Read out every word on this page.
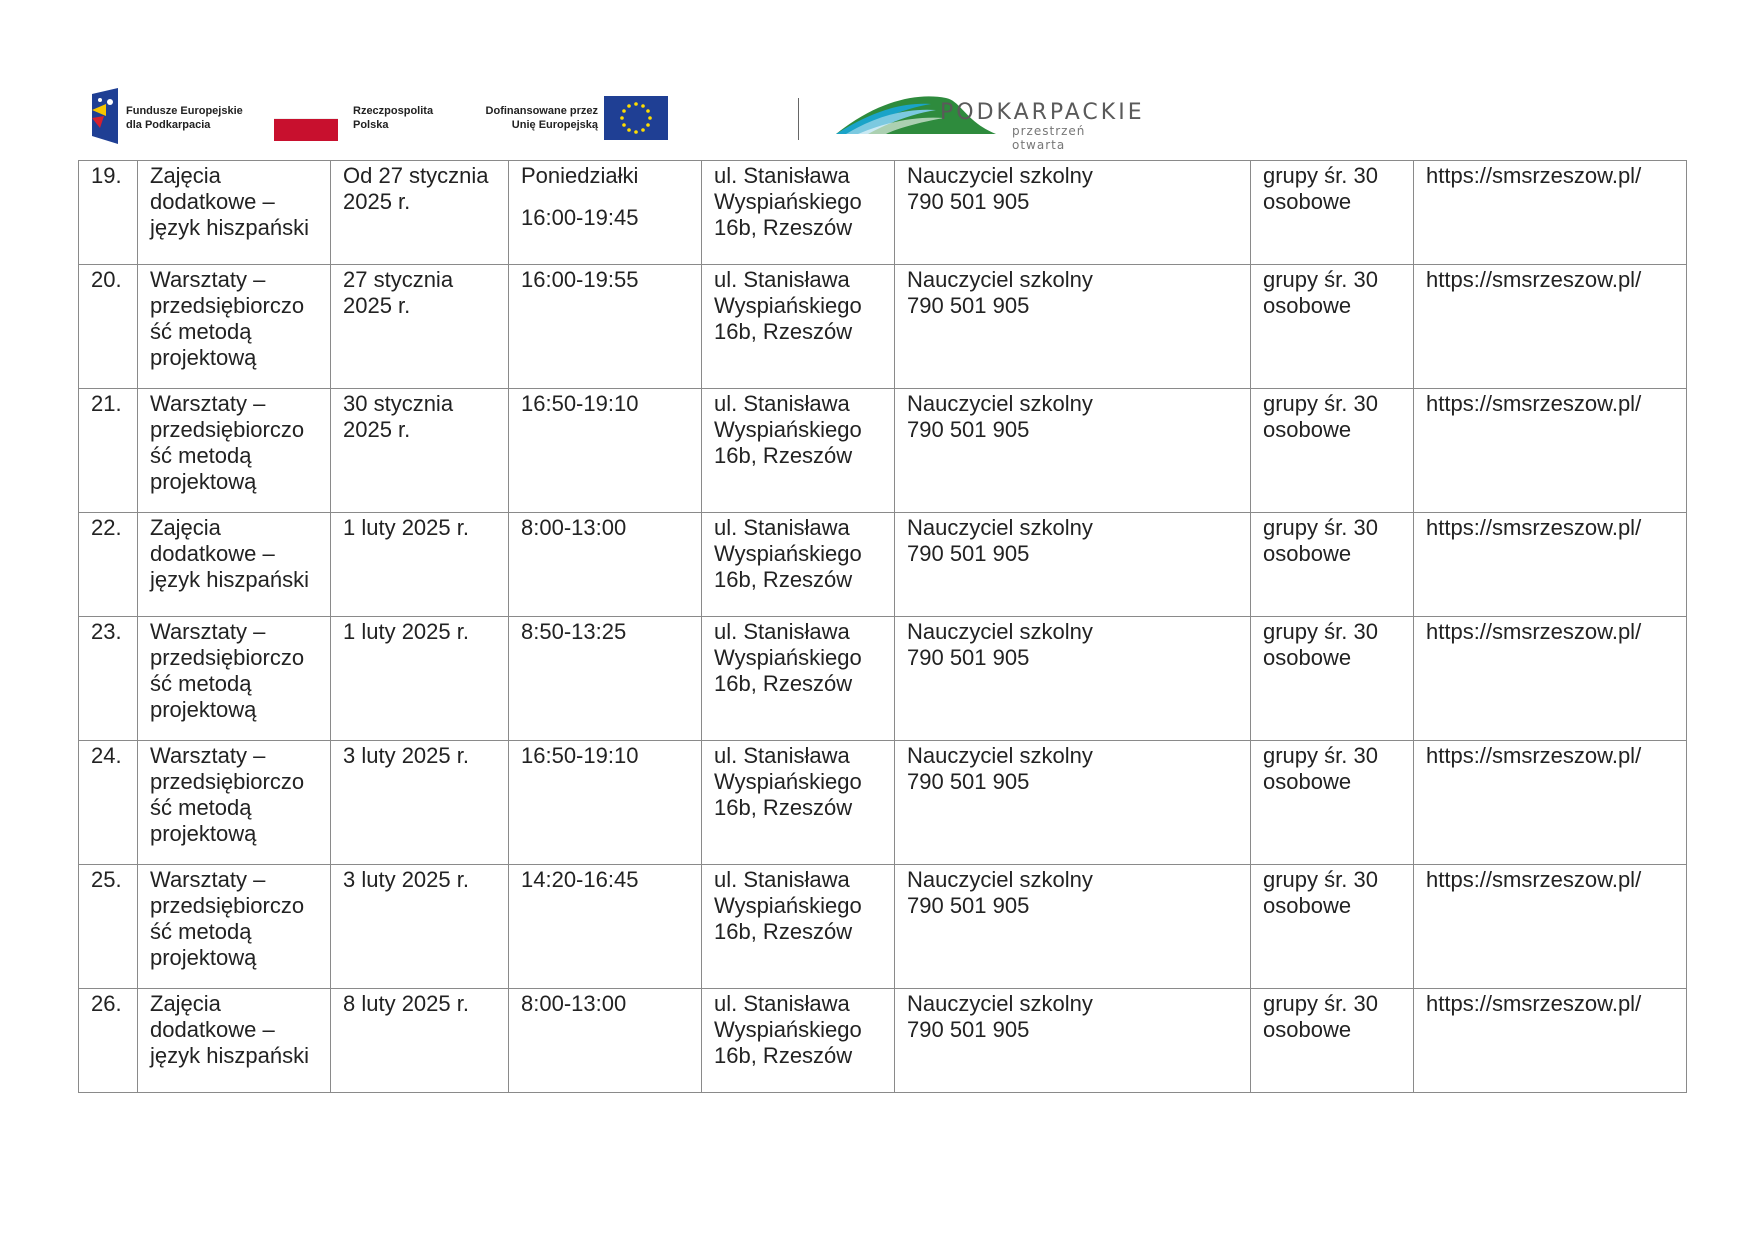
Fundusze Europejskie
dla Podkarpacia
Rzeczpospolita
Polska
Dofinansowane przez
Unię Europejską	PODKARPACKIE
przestrzeń otwarta
19.	Zajęcia
dodatkowe –
język hiszpański	Od 27 stycznia
2025 r.	Poniedziałki
16:00-19:45	ul. Stanisława
Wyspiańskiego
16b, Rzeszów	Nauczyciel szkolny
790 501 905	grupy śr. 30
osobowe	https://smsrzeszow.pl/

20.	Warsztaty –
przedsiębiorczo
ść metodą
projektową	27 stycznia
2025 r.	16:00-19:55	ul. Stanisława
Wyspiańskiego
16b, Rzeszów	Nauczyciel szkolny
790 501 905	grupy śr. 30
osobowe	https://smsrzeszow.pl/

21.	Warsztaty –
przedsiębiorczo
ść metodą
projektową	30 stycznia
2025 r.	16:50-19:10	ul. Stanisława
Wyspiańskiego
16b, Rzeszów	Nauczyciel szkolny
790 501 905	grupy śr. 30
osobowe	https://smsrzeszow.pl/

22.	Zajęcia
dodatkowe –
język hiszpański	1 luty 2025 r.	8:00-13:00	ul. Stanisława
Wyspiańskiego
16b, Rzeszów	Nauczyciel szkolny
790 501 905	grupy śr. 30
osobowe	https://smsrzeszow.pl/

23.	Warsztaty –
przedsiębiorczo
ść metodą
projektową	1 luty 2025 r.	8:50-13:25	ul. Stanisława
Wyspiańskiego
16b, Rzeszów	Nauczyciel szkolny
790 501 905	grupy śr. 30
osobowe	https://smsrzeszow.pl/

24.	Warsztaty –
przedsiębiorczo
ść metodą
projektową	3 luty 2025 r.	16:50-19:10	ul. Stanisława
Wyspiańskiego
16b, Rzeszów	Nauczyciel szkolny
790 501 905	grupy śr. 30
osobowe	https://smsrzeszow.pl/

25.	Warsztaty –
przedsiębiorczo
ść metodą
projektową	3 luty 2025 r.	14:20-16:45	ul. Stanisława
Wyspiańskiego
16b, Rzeszów	Nauczyciel szkolny
790 501 905	grupy śr. 30
osobowe	https://smsrzeszow.pl/

26.	Zajęcia
dodatkowe –
język hiszpański	8 luty 2025 r.	8:00-13:00	ul. Stanisława
Wyspiańskiego
16b, Rzeszów	Nauczyciel szkolny
790 501 905	grupy śr. 30
osobowe	https://smsrzeszow.pl/
